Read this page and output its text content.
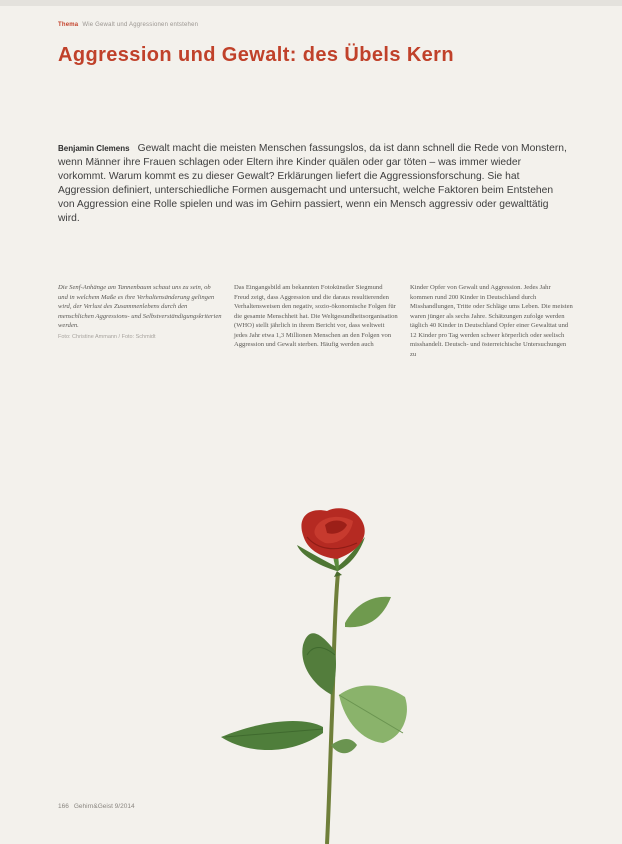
Thema Wie Gewalt und Aggressionen entstehen
Aggression und Gewalt: des Übels Kern

Benjamin Clemens Gewalt macht die meisten Menschen fassungslos, da ist dann schnell die Rede von Monstern, wenn Männer ihre Frauen schlagen oder Eltern ihre Kinder quälen oder gar töten – was immer wieder vorkommt. Warum kommt es zu dieser Gewalt? Erklärungen liefert die Aggressionsforschung. Sie hat Aggression definiert, unterschiedliche Formen ausgemacht und untersucht, welche Faktoren beim Entstehen von Aggression eine Rolle spielen und was im Gehirn passiert, wenn ein Mensch aggressiv oder gewalttätig wird.

Die Senf-Anhänge am Tannenbaum schaut uns zu sein, ob und in welchem Maße es ihre Verhaltensänderung gelingen wird, der Verlust des Zusammenlebens durch den menschlichen Aggressions- und Selbstverständigungskriterien werden.
Foto: Christine Ammann / Foto: Schmidt

Das Eingangsbild am bekannten Fotokünstler Siegmund Freud zeigt, dass Aggression und die daraus resultierenden Verhaltensweisen den negativ, sozio-ökonomische Folgen für die gesamte Menschheit hat. Die Weltgesundheitsorganisation (WHO) stellt jährlich in ihrem Bericht vor, dass weltweit jedes Jahr etwa 1,3 Millionen Menschen an den Folgen von Aggression und Gewalt sterben. Häufig werden auch

Kinder Opfer von Gewalt und Aggression. Jedes Jahr kommen rund 200 Kinder in Deutschland durch Misshandlungen, Tritte oder Schläge ums Leben. Die meisten waren jünger als sechs Jahre. Schätzungen zufolge werden täglich 40 Kinder in Deutschland Opfer einer Gewalttat und 12 Kinder pro Tag werden schwer körperlich oder seelisch misshandelt. Deutsch- und österreichische Untersuchungen zu

166 Gehirn&Geist 9/2014
